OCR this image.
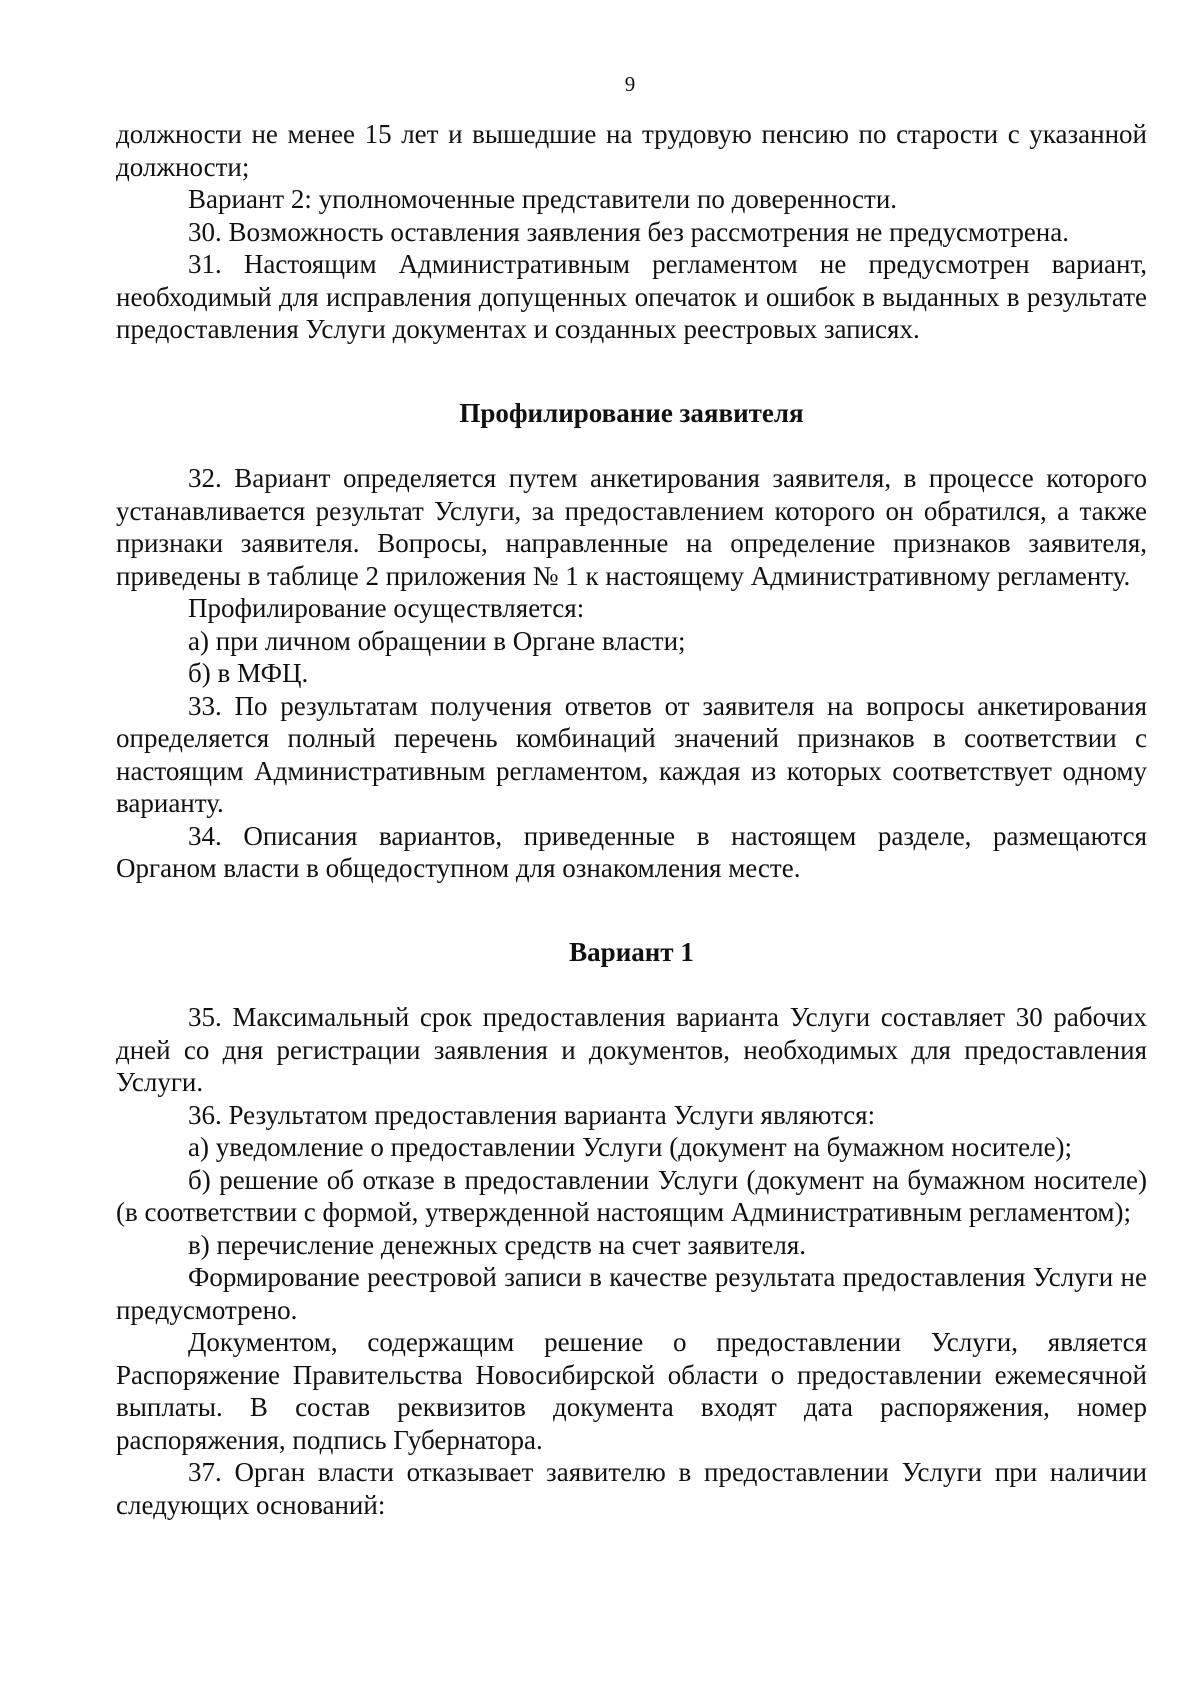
9

должности не менее 15 лет и вышедшие на трудовую пенсию по старости с указанной должности;

Вариант 2: уполномоченные представители по доверенности.

30. Возможность оставления заявления без рассмотрения не предусмотрена.

31. Настоящим Административным регламентом не предусмотрен вариант, необходимый для исправления допущенных опечаток и ошибок в выданных в результате предоставления Услуги документах и созданных реестровых записях.

Профилирование заявителя

32. Вариант определяется путем анкетирования заявителя, в процессе которого устанавливается результат Услуги, за предоставлением которого он обратился, а также признаки заявителя. Вопросы, направленные на определение признаков заявителя, приведены в таблице 2 приложения № 1 к настоящему Административному регламенту.

Профилирование осуществляется:

а) при личном обращении в Органе власти;

б) в МФЦ.

33. По результатам получения ответов от заявителя на вопросы анкетирования определяется полный перечень комбинаций значений признаков в соответствии с настоящим Административным регламентом, каждая из которых соответствует одному варианту.

34. Описания вариантов, приведенные в настоящем разделе, размещаются Органом власти в общедоступном для ознакомления месте.

Вариант 1

35. Максимальный срок предоставления варианта Услуги составляет 30 рабочих дней со дня регистрации заявления и документов, необходимых для предоставления Услуги.

36. Результатом предоставления варианта Услуги являются:

а) уведомление о предоставлении Услуги (документ на бумажном носителе);

б) решение об отказе в предоставлении Услуги (документ на бумажном носителе) (в соответствии с формой, утвержденной настоящим Административным регламентом);

в) перечисление денежных средств на счет заявителя.

Формирование реестровой записи в качестве результата предоставления Услуги не предусмотрено.

Документом, содержащим решение о предоставлении Услуги, является Распоряжение Правительства Новосибирской области о предоставлении ежемесячной выплаты. В состав реквизитов документа входят дата распоряжения, номер распоряжения, подпись Губернатора.

37. Орган власти отказывает заявителю в предоставлении Услуги при наличии следующих оснований:
